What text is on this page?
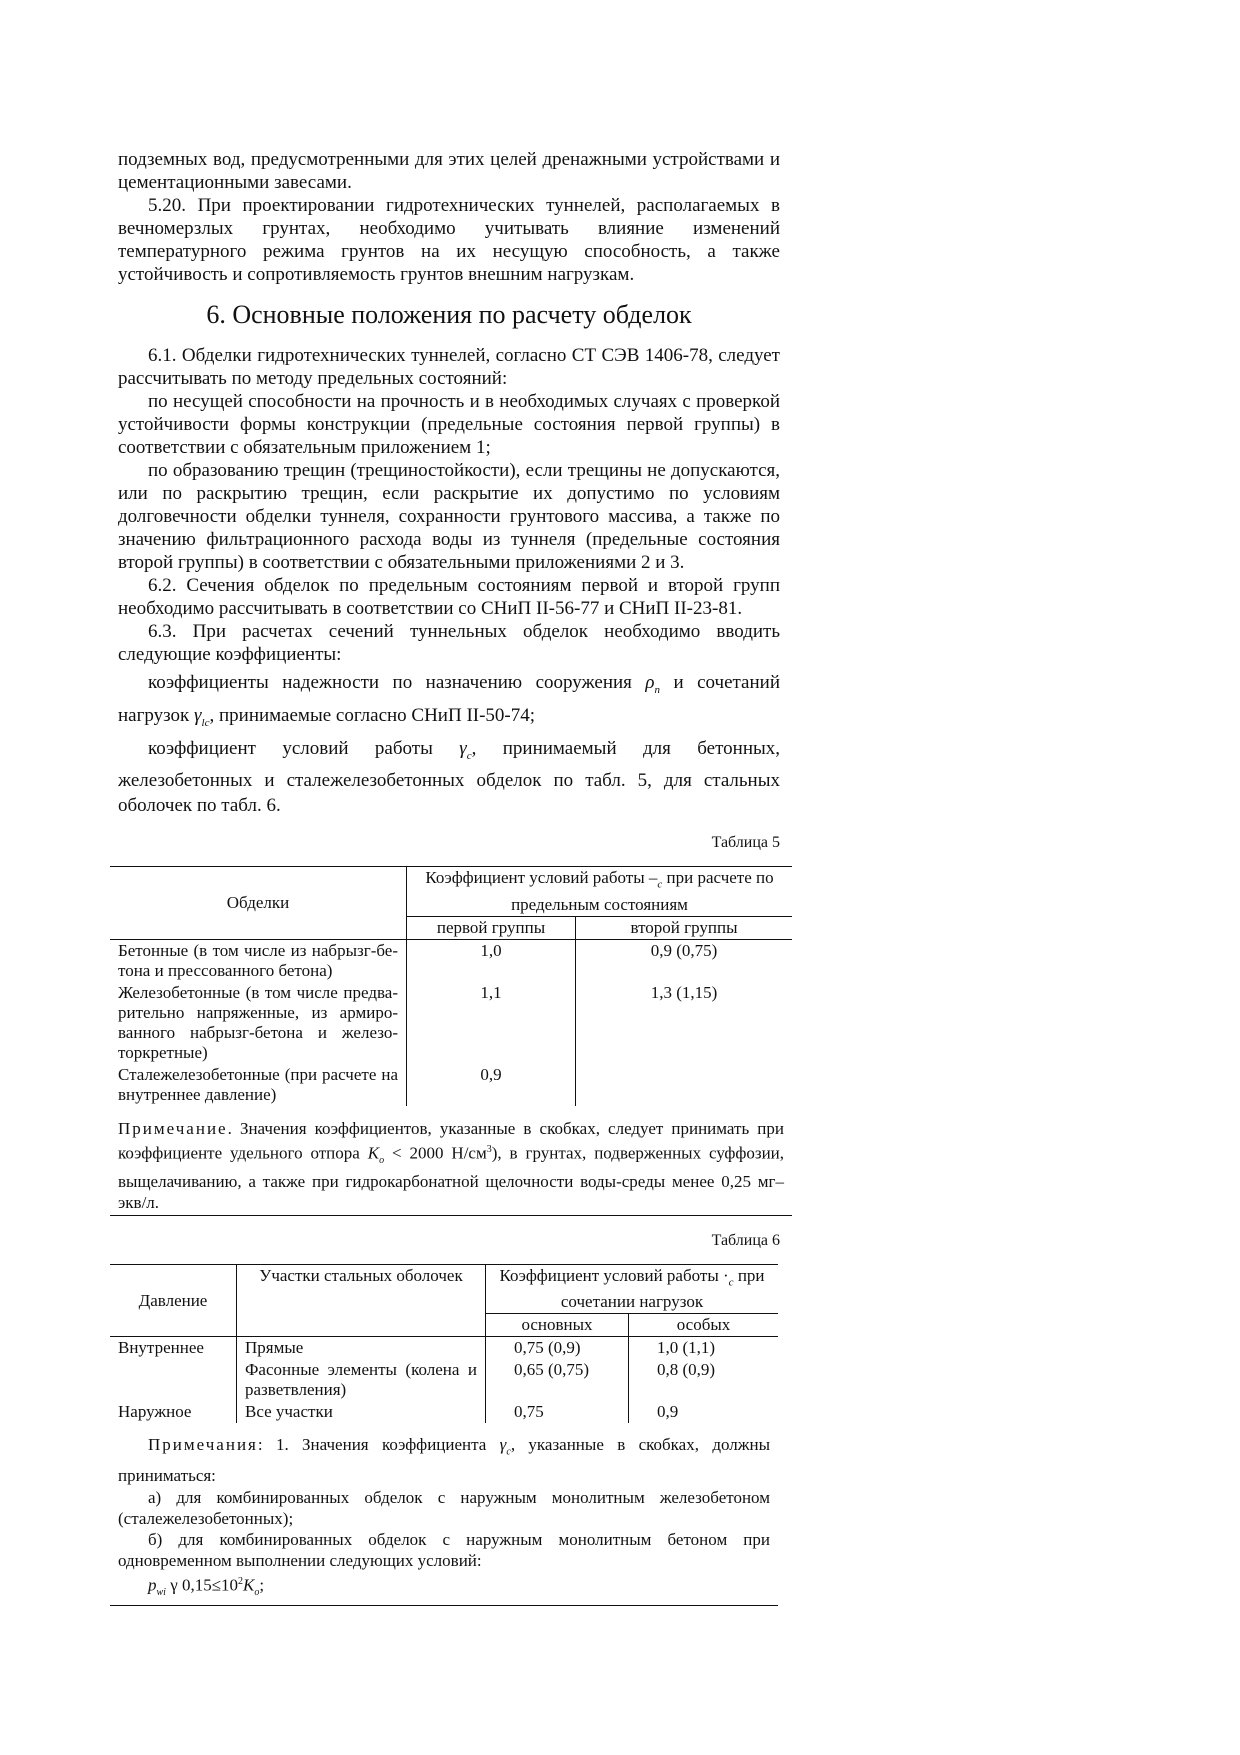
подземных вод, предусмотренными для этих целей дренажными устройствами и цементационными завесами.

5.20. При проектировании гидротехнических туннелей, располагаемых в вечномерзлых грунтах, необходимо учитывать влияние изменений температурного режима грунтов на их несущую способность, а также устойчивость и сопротивляемость грунтов внешним нагрузкам.

6. Основные положения по расчету обделок

6.1. Обделки гидротехнических туннелей, согласно СТ СЭВ 1406-78, следует рассчитывать по методу предельных состояний:

по несущей способности на прочность и в необходимых случаях с проверкой устойчивости формы конструкции (предельные состояния первой группы) в соответствии с обязательным приложением 1;

по образованию трещин (трещиностойкости), если трещины не допускаются, или по раскрытию трещин, если раскрытие их допустимо по условиям долговечности обделки туннеля, сохранности грунтового массива, а также по значению фильтрационного расхода воды из туннеля (предельные состояния второй группы) в соответствии с обязательными приложениями 2 и 3.

6.2. Сечения обделок по предельным состояниям первой и второй групп необходимо рассчитывать в соответствии со СНиП II-56-77 и СНиП II-23-81.

6.3. При расчетах сечений туннельных обделок необходимо вводить следующие коэффициенты:

коэффициенты надежности по назначению сооружения $\rho_n$ и сочетаний нагрузок $\gamma_{lc}$, принимаемые согласно СНиП II-50-74;

коэффициент условий работы $\gamma_c$, принимаемый для бетонных, железобетонных и сталежелезобетонных обделок по табл. 5, для стальных оболочек по табл. 6.

Таблица 5
Обделки	Коэффициент условий работы $-_c$ при расчете по предельным состояниям	
	первой группы	второй группы
Бетонные (в том числе из набрызг-бетона и прессованного бетона)	1,0	0,9 (0,75)
Железобетонные (в том числе предварительно напряженные, из армированного набрызг-бетона и железоторкретные)	1,1	1,3 (1,15)
Сталежелезобетонные (при расчете на внутреннее давление)	0,9	

Примечание. Значения коэффициентов, указанные в скобках, следует принимать при коэффициенте удельного отпора $K_o < 2000$ $Н/см^3$), в грунтах, подверженных суффозии, выщелачиванию, а также при гидрокарбонатной щелочности воды-среды менее 0,25 мг–экв/л.

Таблица 6
Давление	Участки стальных оболочек	Коэффициент условий работы $\cdot_c$ при сочетании нагрузок	
		основных	особых
Внутреннее	Прямые	0,75 (0,9)	1,0 (1,1)
	Фасонные элементы (колена и разветвления)	0,65 (0,75)	0,8 (0,9)
Наружное	Все участки	0,75	0,9

Примечания: 1. Значения коэффициента $\gamma_c$, указанные в скобках, должны приниматься:

а) для комбинированных обделок с наружным монолитным железобетоном (сталежелезобетонных);

б) для комбинированных обделок с наружным монолитным бетоном при одновременном выполнении следующих условий:

$p_{wi}$ γ $0,15\le 10^2K_o$;
